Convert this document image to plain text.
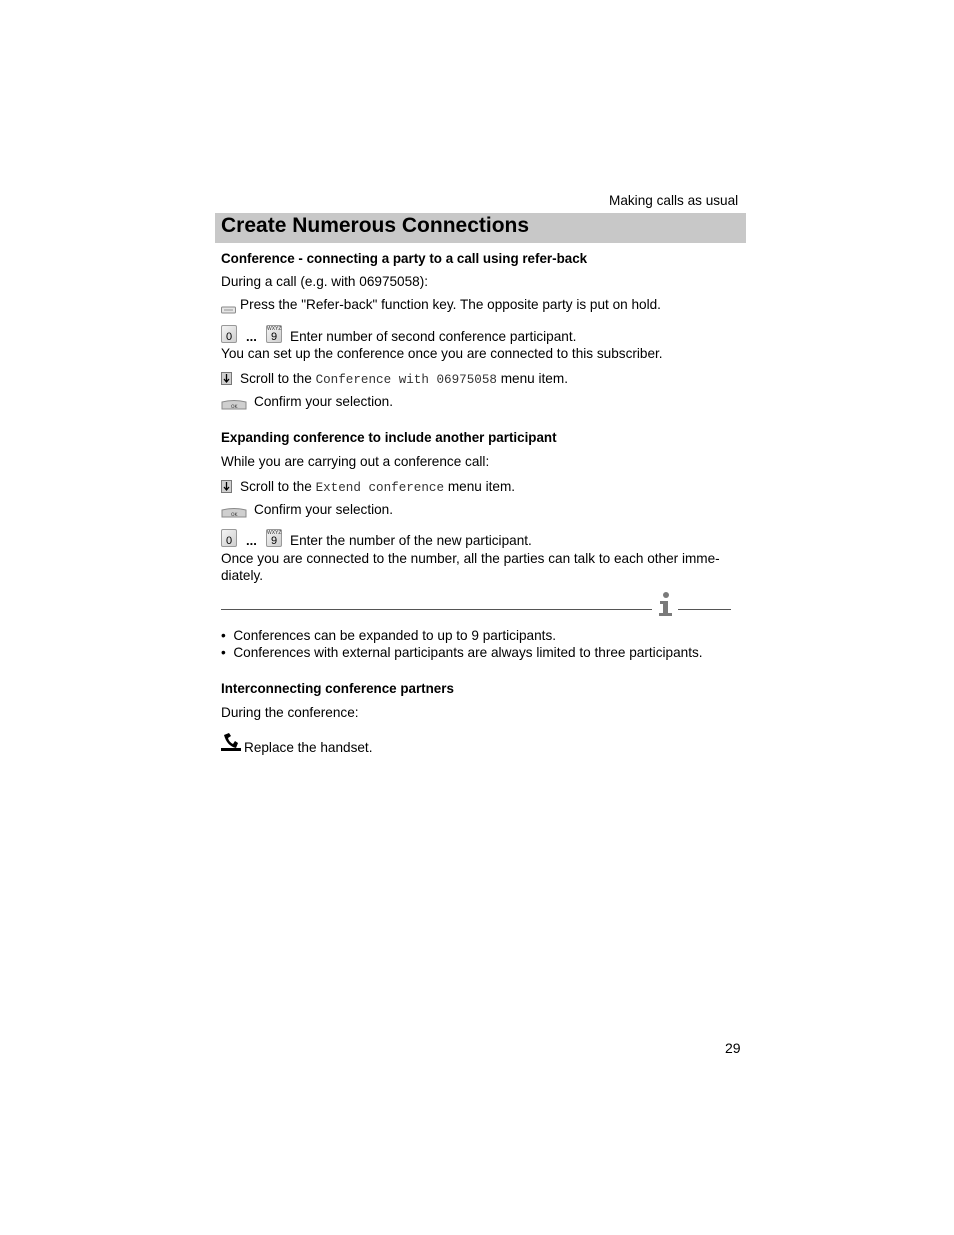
Making calls as usual
Create Numerous Connections
Conference - connecting a party to a call using refer-back
During a call (e.g. with 06975058):
Press the "Refer-back" function key. The opposite party is put on hold.
0	... WXYZ
9 Enter number of second conference participant.
You can set up the conference once you are connected to this subscriber.
Scroll to the Conference with 06975058 menu item.
OK Confirm your selection.
Expanding conference to include another participant
While you are carrying out a conference call:
Scroll to the Extend conference menu item.
OK Confirm your selection.
0	... WXYZ
9 Enter the number of the new participant.
Once you are connected to the number, all the parties can talk to each other imme-
diately.
•  Conferences can be expanded to up to 9 participants.
•  Conferences with external participants are always limited to three participants.
Interconnecting conference partners
During the conference:
Replace the handset.
29
